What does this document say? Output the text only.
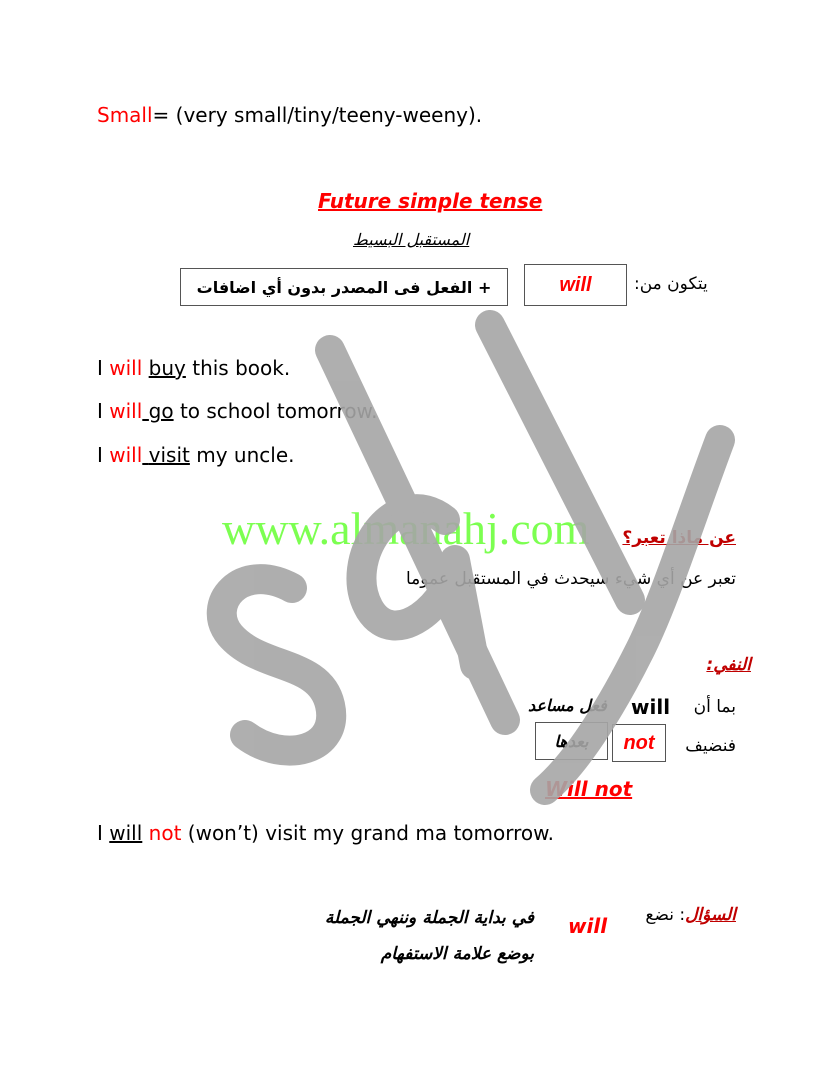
Small= (very small/tiny/teeny-weeny).
Future simple tense
المستقبل البسيط
+ الفعل فى المصدر بدون أي اضافات	will يتكون من:
I will buy this book.
I will go to school tomorrow.
I will visit my uncle.
عن ماذا تعبر؟
تعبر عن أي شيء سيحدث في المستقبل عموما
النفي:
بما أن
will
فعل مساعد
فنضيف
not
بعدها
Will not
I will not (won’t) visit my grand ma tomorrow.
السؤال: نضع
will
في بداية الجملة وننهي الجملة
بوضع علامة الاستفهام
www.almanahj.com
